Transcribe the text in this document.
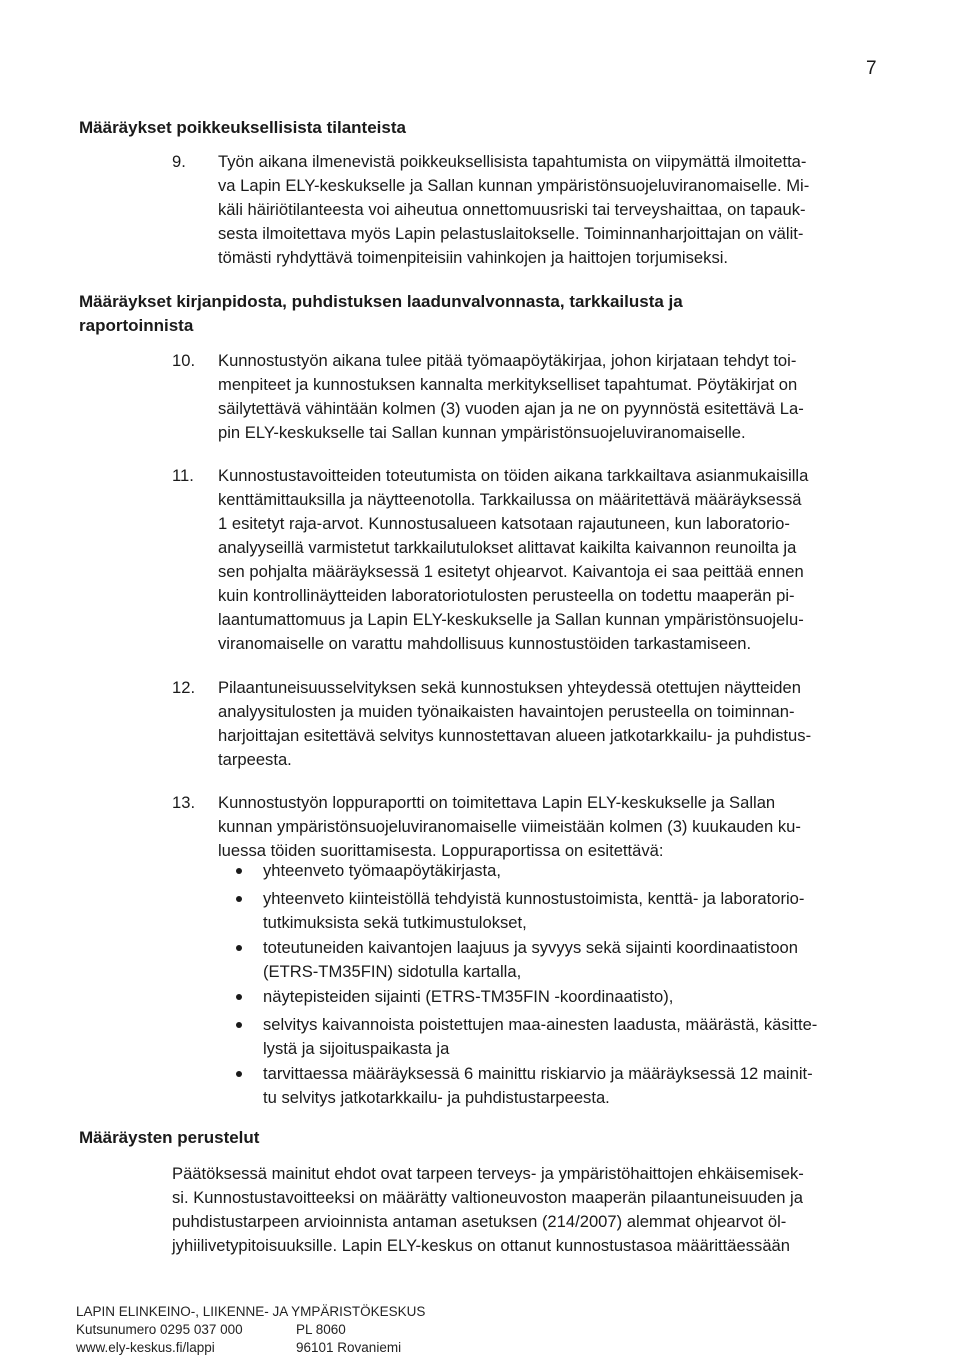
7
Määräykset poikkeuksellisista tilanteista
9. Työn aikana ilmenevistä poikkeuksellisista tapahtumista on viipymättä ilmoitetta-
va Lapin ELY-keskukselle ja Sallan kunnan ympäristönsuojeluviranomaiselle. Mi-
käli häiriötilanteesta voi aiheutua onnettomuusriski tai terveyshaittaa, on tapauk-
sesta ilmoitettava myös Lapin pelastuslaitokselle. Toiminnanharjoittajan on välit-
tömästi ryhdyttävä toimenpiteisiin vahinkojen ja haittojen torjumiseksi.
Määräykset kirjanpidosta, puhdistuksen laadunvalvonnasta, tarkkailusta ja
raportoinnista
10. Kunnostustyön aikana tulee pitää työmaapöytäkirjaa, johon kirjataan tehdyt toi-
menpiteet ja kunnostuksen kannalta merkitykselliset tapahtumat. Pöytäkirjat on
säilytettävä vähintään kolmen (3) vuoden ajan ja ne on pyynnöstä esitettävä La-
pin ELY-keskukselle tai Sallan kunnan ympäristönsuojeluviranomaiselle.
11. Kunnostustavoitteiden toteutumista on töiden aikana tarkkailtava asianmukaisilla
kenttämittauksilla ja näytteenotolla. Tarkkailussa on määritettävä määräyksessä
1 esitetyt raja-arvot. Kunnostusalueen katsotaan rajautuneen, kun laboratorio-
analyyseillä varmistetut tarkkailutulokset alittavat kaikilta kaivannon reunoilta ja
sen pohjalta määräyksessä 1 esitetyt ohjearvot. Kaivantoja ei saa peittää ennen
kuin kontrollinäytteiden laboratoriotulosten perusteella on todettu maaperän pi-
laantumattomuus ja Lapin ELY-keskukselle ja Sallan kunnan ympäristönsuojelu-
viranomaiselle on varattu mahdollisuus kunnostustöiden tarkastamiseen.
12. Pilaantuneisuusselvityksen sekä kunnostuksen yhteydessä otettujen näytteiden
analyysitulosten ja muiden työnaikaisten havaintojen perusteella on toiminnan-
harjoittajan esitettävä selvitys kunnostettavan alueen jatkotarkkailu- ja puhdistus-
tarpeesta.
13. Kunnostustyön loppuraportti on toimitettava Lapin ELY-keskukselle ja Sallan
kunnan ympäristönsuojeluviranomaiselle viimeistään kolmen (3) kuukauden ku-
luessa töiden suorittamisesta. Loppuraportissa on esitettävä:
yhteenveto työmaapöytäkirjasta,
yhteenveto kiinteistöllä tehdyistä kunnostustoimista, kenttä- ja laboratorio-
tutkimuksista sekä tutkimustulokset,
toteutuneiden kaivantojen laajuus ja syvyys sekä sijainti koordinaatistoon
(ETRS-TM35FIN) sidotulla kartalla,
näytepisteiden sijainti (ETRS-TM35FIN -koordinaatisto),
selvitys kaivannoista poistettujen maa-ainesten laadusta, määrästä, käsitte-
lystä ja sijoituspaikasta ja
tarvittaessa määräyksessä 6 mainittu riskiarvio ja määräyksessä 12 mainit-
tu selvitys jatkotarkkailu- ja puhdistustarpeesta.
Määräysten perustelut
Päätöksessä mainitut ehdot ovat tarpeen terveys- ja ympäristöhaittojen ehkäisemisek-
si. Kunnostustavoitteeksi on määrätty valtioneuvoston maaperän pilaantuneisuuden ja
puhdistustarpeen arvioinnista antaman asetuksen (214/2007) alemmat ohjearvot öl-
jyhiilivetypitoisuuksille. Lapin ELY-keskus on ottanut kunnostustasoa määrittäessään
LAPIN ELINKEINO-, LIIKENNE- JA YMPÄRISTÖKESKUS
Kutsunumero 0295 037 000	PL 8060
www.ely-keskus.fi/lappi	96101 Rovaniemi
